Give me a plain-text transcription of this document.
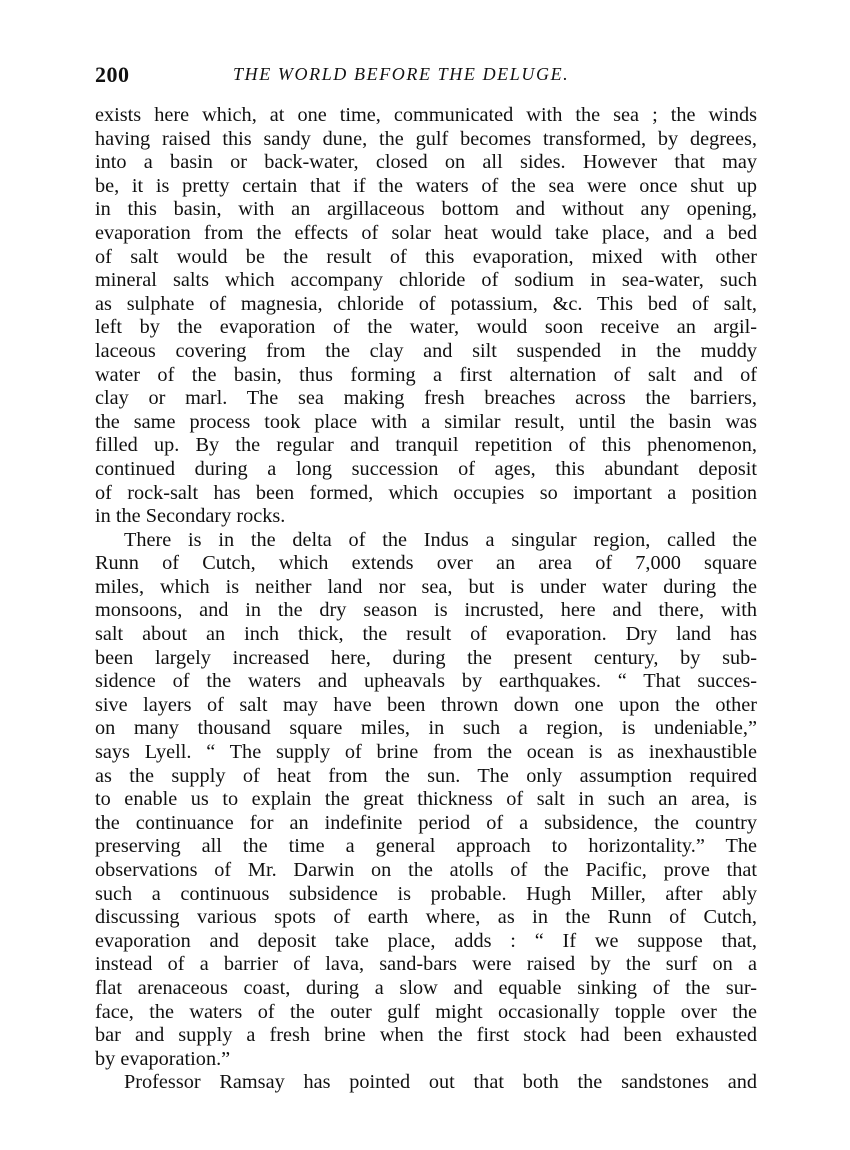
200	THE WORLD BEFORE THE DELUGE.
exists here which, at one time, communicated with the sea ; the winds
having raised this sandy dune, the gulf becomes transformed, by degrees,
into a basin or back-water, closed on all sides. However that may
be, it is pretty certain that if the waters of the sea were once shut up
in this basin, with an argillaceous bottom and without any opening,
evaporation from the effects of solar heat would take place, and a bed
of salt would be the result of this evaporation, mixed with other
mineral salts which accompany chloride of sodium in sea-water, such
as sulphate of magnesia, chloride of potassium, &c. This bed of salt,
left by the evaporation of the water, would soon receive an argil-
laceous covering from the clay and silt suspended in the muddy
water of the basin, thus forming a first alternation of salt and of
clay or marl. The sea making fresh breaches across the barriers,
the same process took place with a similar result, until the basin was
filled up. By the regular and tranquil repetition of this phenomenon,
continued during a long succession of ages, this abundant deposit
of rock-salt has been formed, which occupies so important a position
in the Secondary rocks.
There is in the delta of the Indus a singular region, called the
Runn of Cutch, which extends over an area of 7,000 square
miles, which is neither land nor sea, but is under water during the
monsoons, and in the dry season is incrusted, here and there, with
salt about an inch thick, the result of evaporation. Dry land has
been largely increased here, during the present century, by sub-
sidence of the waters and upheavals by earthquakes. “ That succes-
sive layers of salt may have been thrown down one upon the other
on many thousand square miles, in such a region, is undeniable,”
says Lyell. “ The supply of brine from the ocean is as inexhaustible
as the supply of heat from the sun. The only assumption required
to enable us to explain the great thickness of salt in such an area, is
the continuance for an indefinite period of a subsidence, the country
preserving all the time a general approach to horizontality.” The
observations of Mr. Darwin on the atolls of the Pacific, prove that
such a continuous subsidence is probable. Hugh Miller, after ably
discussing various spots of earth where, as in the Runn of Cutch,
evaporation and deposit take place, adds : “ If we suppose that,
instead of a barrier of lava, sand-bars were raised by the surf on a
flat arenaceous coast, during a slow and equable sinking of the sur-
face, the waters of the outer gulf might occasionally topple over the
bar and supply a fresh brine when the first stock had been exhausted
by evaporation.”
Professor Ramsay has pointed out that both the sandstones and
